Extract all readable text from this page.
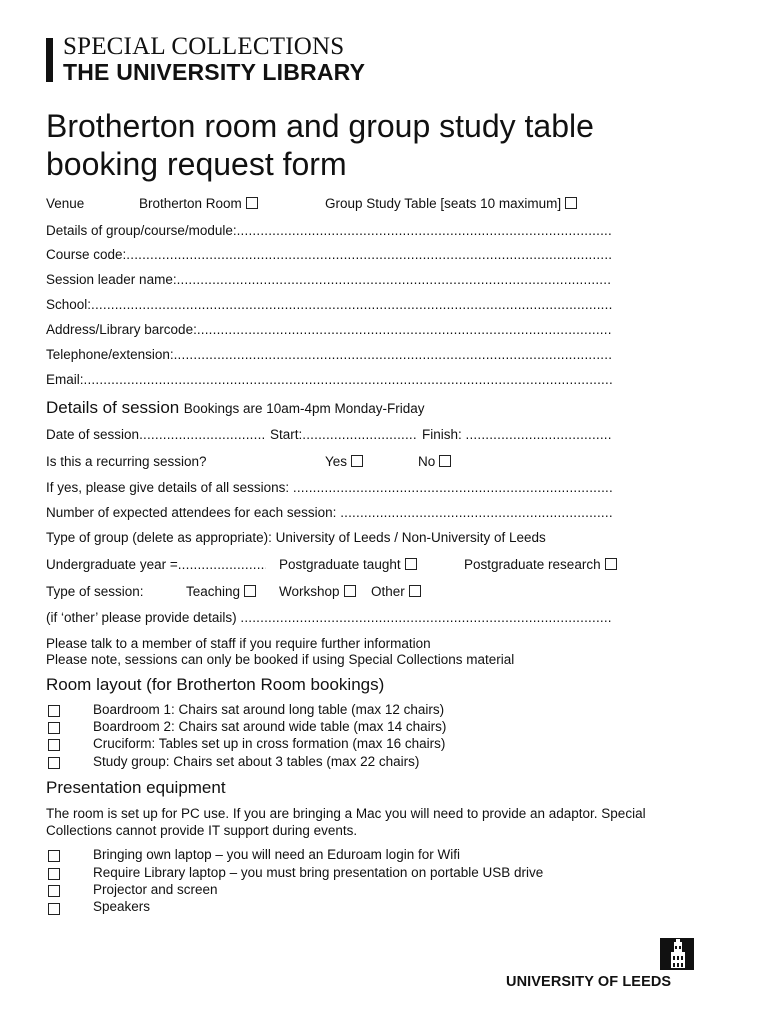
SPECIAL COLLECTIONS
THE UNIVERSITY LIBRARY
Brotherton room and group study table booking request form
Venue	Brotherton Room	Group Study Table [seats 10 maximum]
Details of group/course/module:
.....
Course code:
.....
Session leader name:
.....
School:
.....
Address/Library barcode:
.....
Telephone/extension:
.....
Email:
.....
Details of session Bookings are 10am-4pm Monday-Friday
Date of session .....	Start: .....	Finish:

.....
Is this a recurring session?	Yes	No
If yes, please give details of all sessions:

.....
Number of expected attendees for each session:

.....
Type of group (delete as appropriate): University of Leeds / Non-University of Leeds
Undergraduate year = .....	Postgraduate taught	Postgraduate research
Type of session:	Teaching	Workshop	Other
(if ‘other’ please provide details)

.....
Please talk to a member of staff if you require further information
Please note, sessions can only be booked if using Special Collections material
Room layout (for Brotherton Room bookings)
Boardroom 1: Chairs sat around long table (max 12 chairs)
Boardroom 2: Chairs sat around wide table (max 14 chairs)
Cruciform: Tables set up in cross formation (max 16 chairs)
Study group: Chairs set about 3 tables (max 22 chairs)
Presentation equipment
The room is set up for PC use. If you are bringing a Mac you will need to provide an adaptor. Special Collections cannot provide IT support during events.
Bringing own laptop – you will need an Eduroam login for Wifi
Require Library laptop – you must bring presentation on portable USB drive
Projector and screen
Speakers
UNIVERSITY OF LEEDS
